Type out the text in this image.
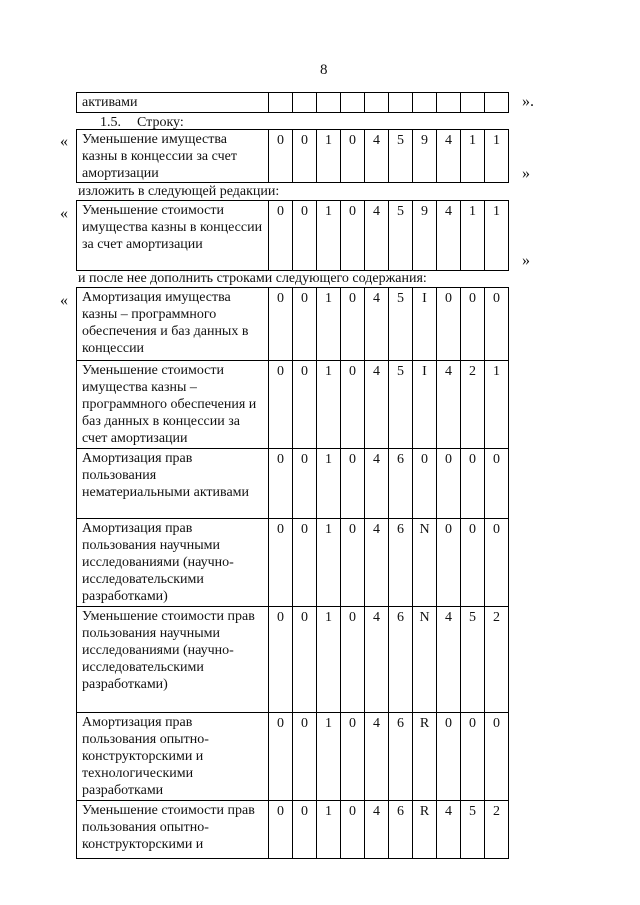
8
активами											».
1.5. Строку:
« Уменьшение имущества казны в концессии за счет амортизации	0	0	1	0	4	5	9	4	1	1
»
изложить в следующей редакции:
« Уменьшение стоимости имущества казны в концессии за счет амортизации	0	0	1	0	4	5	9	4	1	1
»
и после нее дополнить строками следующего содержания:
« Амортизация имущества казны – программного обеспечения и баз данных в концессии	0	0	1	0	4	5	I	0	0	0
Уменьшение стоимости имущества казны – программного обеспечения и баз данных в концессии за счет амортизации	0	0	1	0	4	5	I	4	2	1
Амортизация прав пользования нематериальными активами	0	0	1	0	4	6	0	0	0	0
Амортизация прав пользования научными исследованиями (научно-исследовательскими разработками)	0	0	1	0	4	6	N	0	0	0
Уменьшение стоимости прав пользования научными исследованиями (научно-исследовательскими разработками)	0	0	1	0	4	6	N	4	5	2
Амортизация прав пользования опытно-конструкторскими и технологическими разработками	0	0	1	0	4	6	R	0	0	0
Уменьшение стоимости прав пользования опытно-конструкторскими и	0	0	1	0	4	6	R	4	5	2
